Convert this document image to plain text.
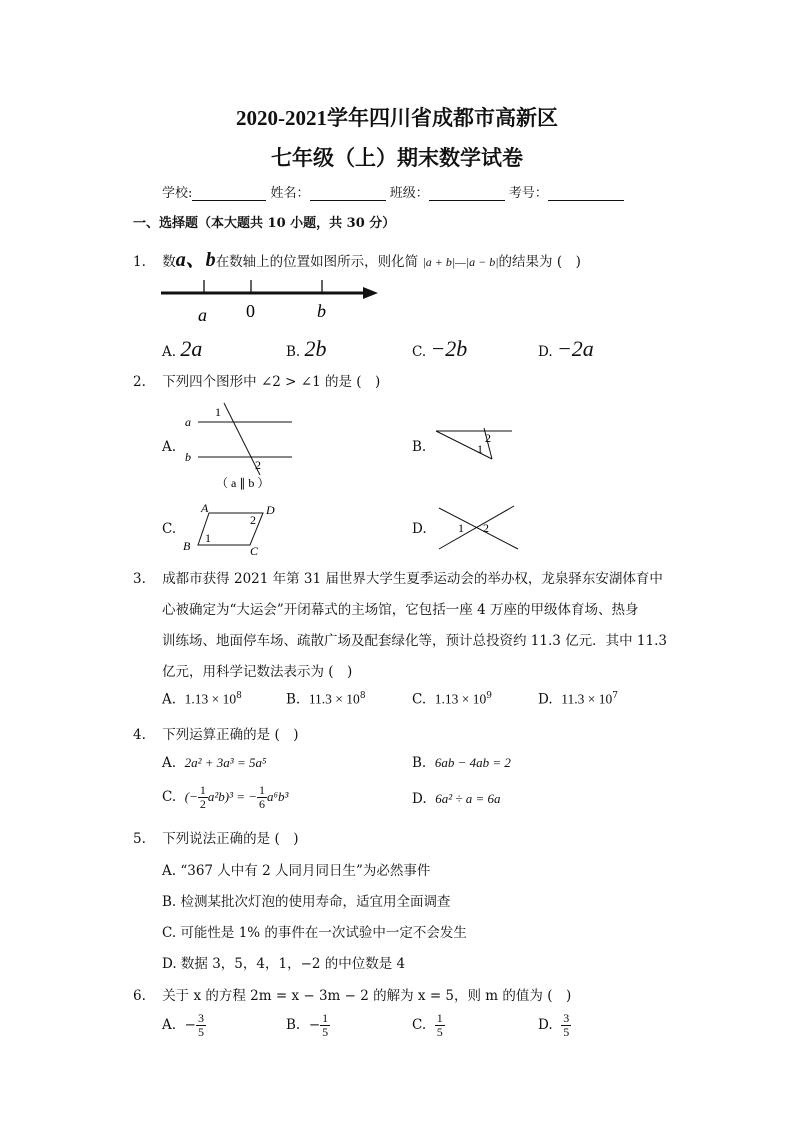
2020-2021学年四川省成都市高新区
七年级（上）期末数学试卷
学校:	姓名：	班级：	考号：
一、选择题（本大题共 10 小题，共 30 分）
1. 数a、b在数轴上的位置如图所示，则化简 |a + b|—|a − b|的结果为 (　)
a 0	b
A. 2a	B. 2b	C. −2b	D. −2a
2. 下列四个图形中 ∠2 > ∠1 的是 (　)
A.
a
b
1
2
（ a ∥ b ）
B.
2
1
C.
A	D
B	C
1
2
D.	1 2
3. 成都市获得 2021 年第 31 届世界大学生夏季运动会的举办权，龙泉驿东安湖体育中
心被确定为“大运会”开闭幕式的主场馆，它包括一座 4 万座的甲级体育场、热身
训练场、地面停车场、疏散广场及配套绿化等，预计总投资约 11.3 亿元．其中 11.3
亿元，用科学记数法表示为 (　)
A. $1.13 \times 10^8$	B. $11.3 \times 10^8$	C. $1.13 \times 10^9$	D. $11.3 \times 10^7$
4. 下列运算正确的是 (　)
A. 2a² + 3a³ = 5a⁵	B. 6ab − 4ab = 2
C. (− $\frac{1}{2} a^2b)^3$ = − $\frac{1}{6} a^6b^3$	D. 6a² ÷ a = 6a
5. 下列说法正确的是 (　)
A. “367 人中有 2 人同月同日生”为必然事件
B. 检测某批次灯泡的使用寿命，适宜用全面调查
C. 可能性是 1% 的事件在一次试验中一定不会发生
D. 数据 3，5，4，1，−2 的中位数是 4
6. 关于 x 的方程 2m = x − 3m − 2 的解为 x = 5，则 m 的值为 (　)
A. − $\frac{3}{5}$	B. − $\frac{1}{5}$	C. $\frac{1}{5}$	D. $\frac{3}{5}$
